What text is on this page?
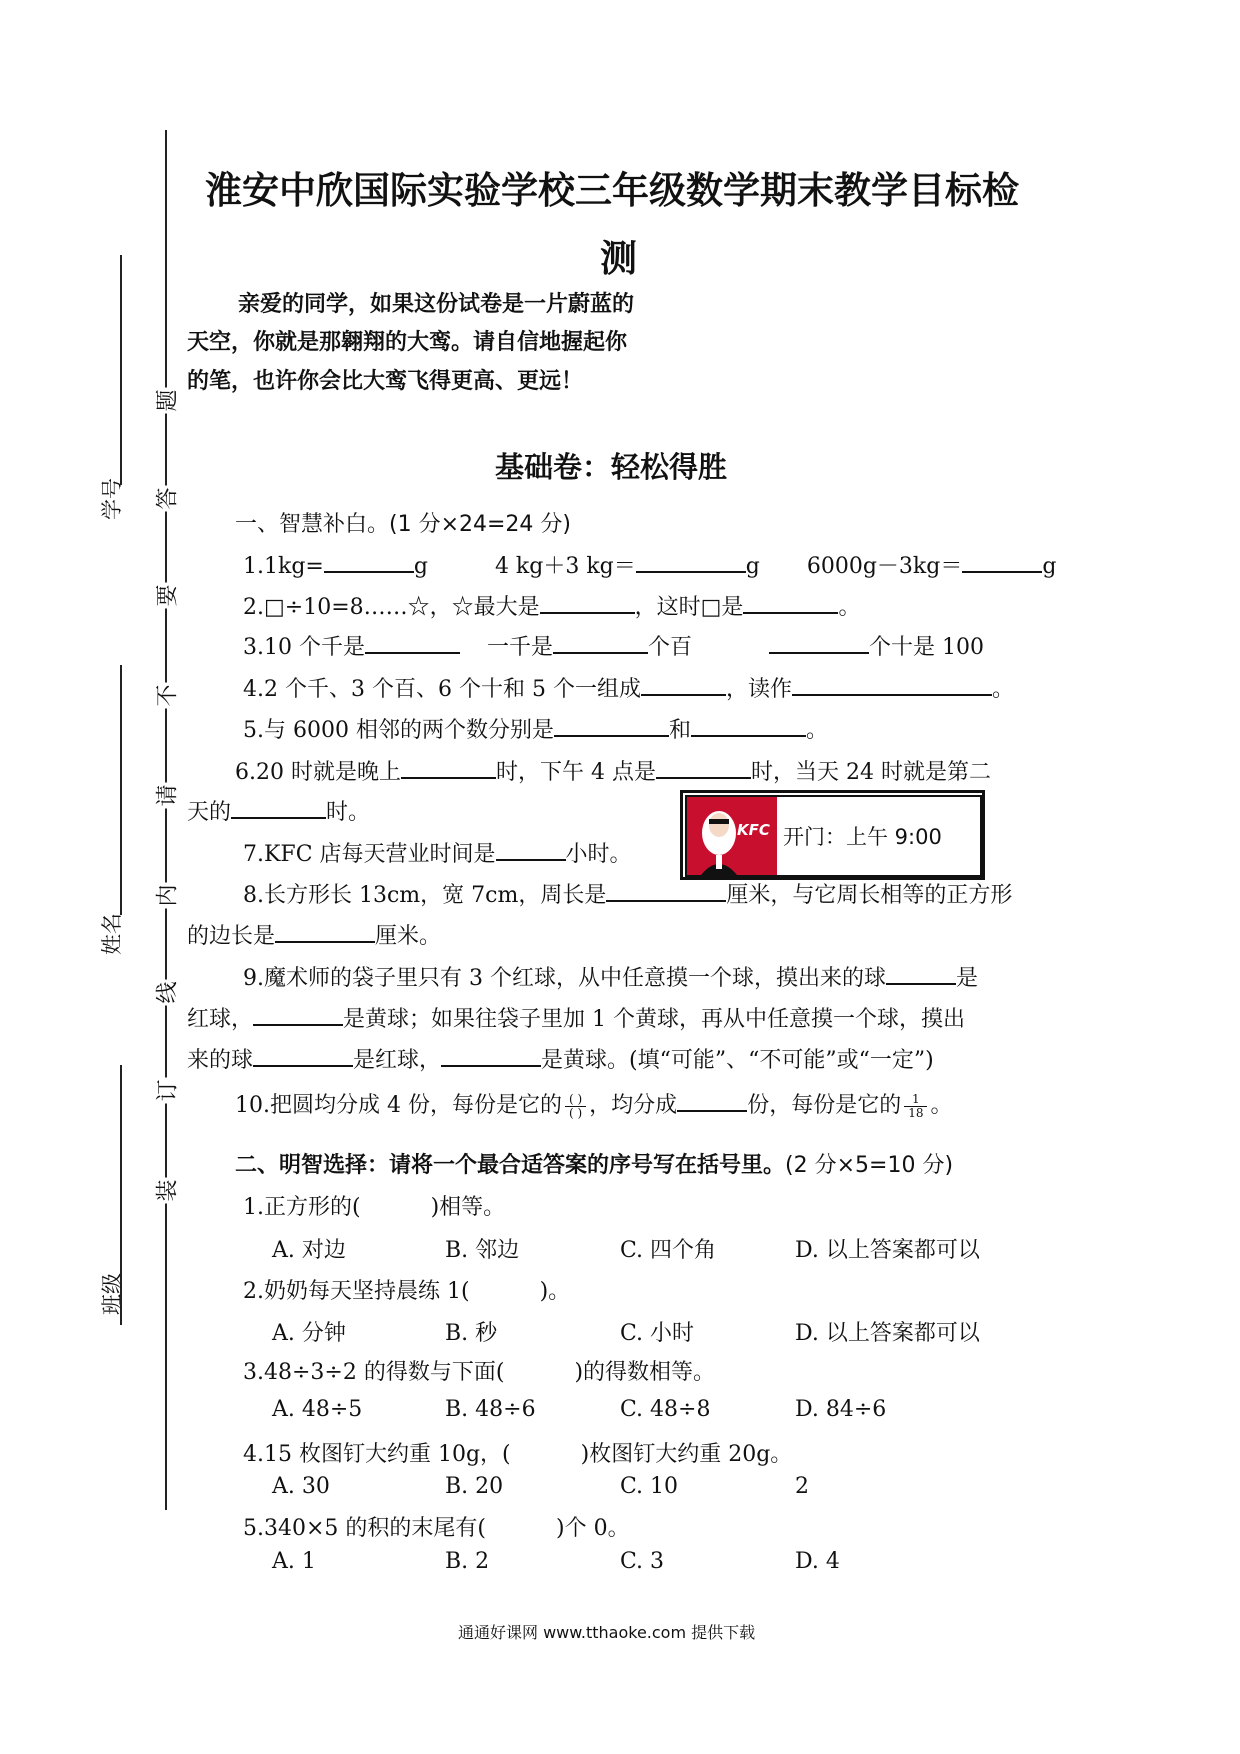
学号
姓名
班级
题
答
要
不
请
内
线
订
装
淮安中欣国际实验学校三年级数学期末教学目标检
测
亲爱的同学，如果这份试卷是一片蔚蓝的
天空，你就是那翱翔的大鸾。请自信地握起你
的笔，也许你会比大鸾飞得更高、更远！
基础卷：轻松得胜
一、智慧补白。(1 分×24=24 分)
1.1kg=	g	4 kg＋3 kg＝	g 6000g－3kg＝	g
2.□÷10=8……☆，☆最大是	，这时□是	。
3.10 个千是	一千是	个百	个十是 100
4.2 个千、3 个百、6 个十和 5 个一组成	，读作	。
5.与 6000 相邻的两个数分别是	和	。
6.20 时就是晚上	时，下午 4 点是	时，当天 24 时就是第二
天的	时。
7.KFC 店每天营业时间是	小时。
KFC 开门：上午 9:00
8.长方形长 13cm，宽 7cm，周长是	厘米，与它周长相等的正方形
的边长是	厘米。
9.魔术师的袋子里只有 3 个红球，从中任意摸一个球，摸出来的球	是
红球，	是黄球；如果往袋子里加 1 个黄球，再从中任意摸一个球，摸出
来的球	是红球，	是黄球。(填“可能”、“不可能”或“一定”)
10.把圆均分成 4 份，每份是它的 $\frac{( )}{( )}$ ，均分成	份，每份是它的 $\frac{1}{18}$ 。
二、明智选择：请将一个最合适答案的序号写在括号里。(2 分×5=10 分)
1.正方形的(	)相等。
A. 对边	B. 邻边	C. 四个角	D. 以上答案都可以
2.奶奶每天坚持晨练 1(	)。
A. 分钟	B. 秒	C. 小时	D. 以上答案都可以
3.48÷3÷2 的得数与下面(	)的得数相等。
A. 48÷5	B. 48÷6	C. 48÷8	D. 84÷6
4.15 枚图钉大约重 10g，(	)枚图钉大约重 20g。
A. 30	B. 20	C. 10	2
5.340×5 的积的末尾有(	)个 0。
A. 1	B. 2	C. 3	D. 4
通通好课网 www.tthaoke.com 提供下载
